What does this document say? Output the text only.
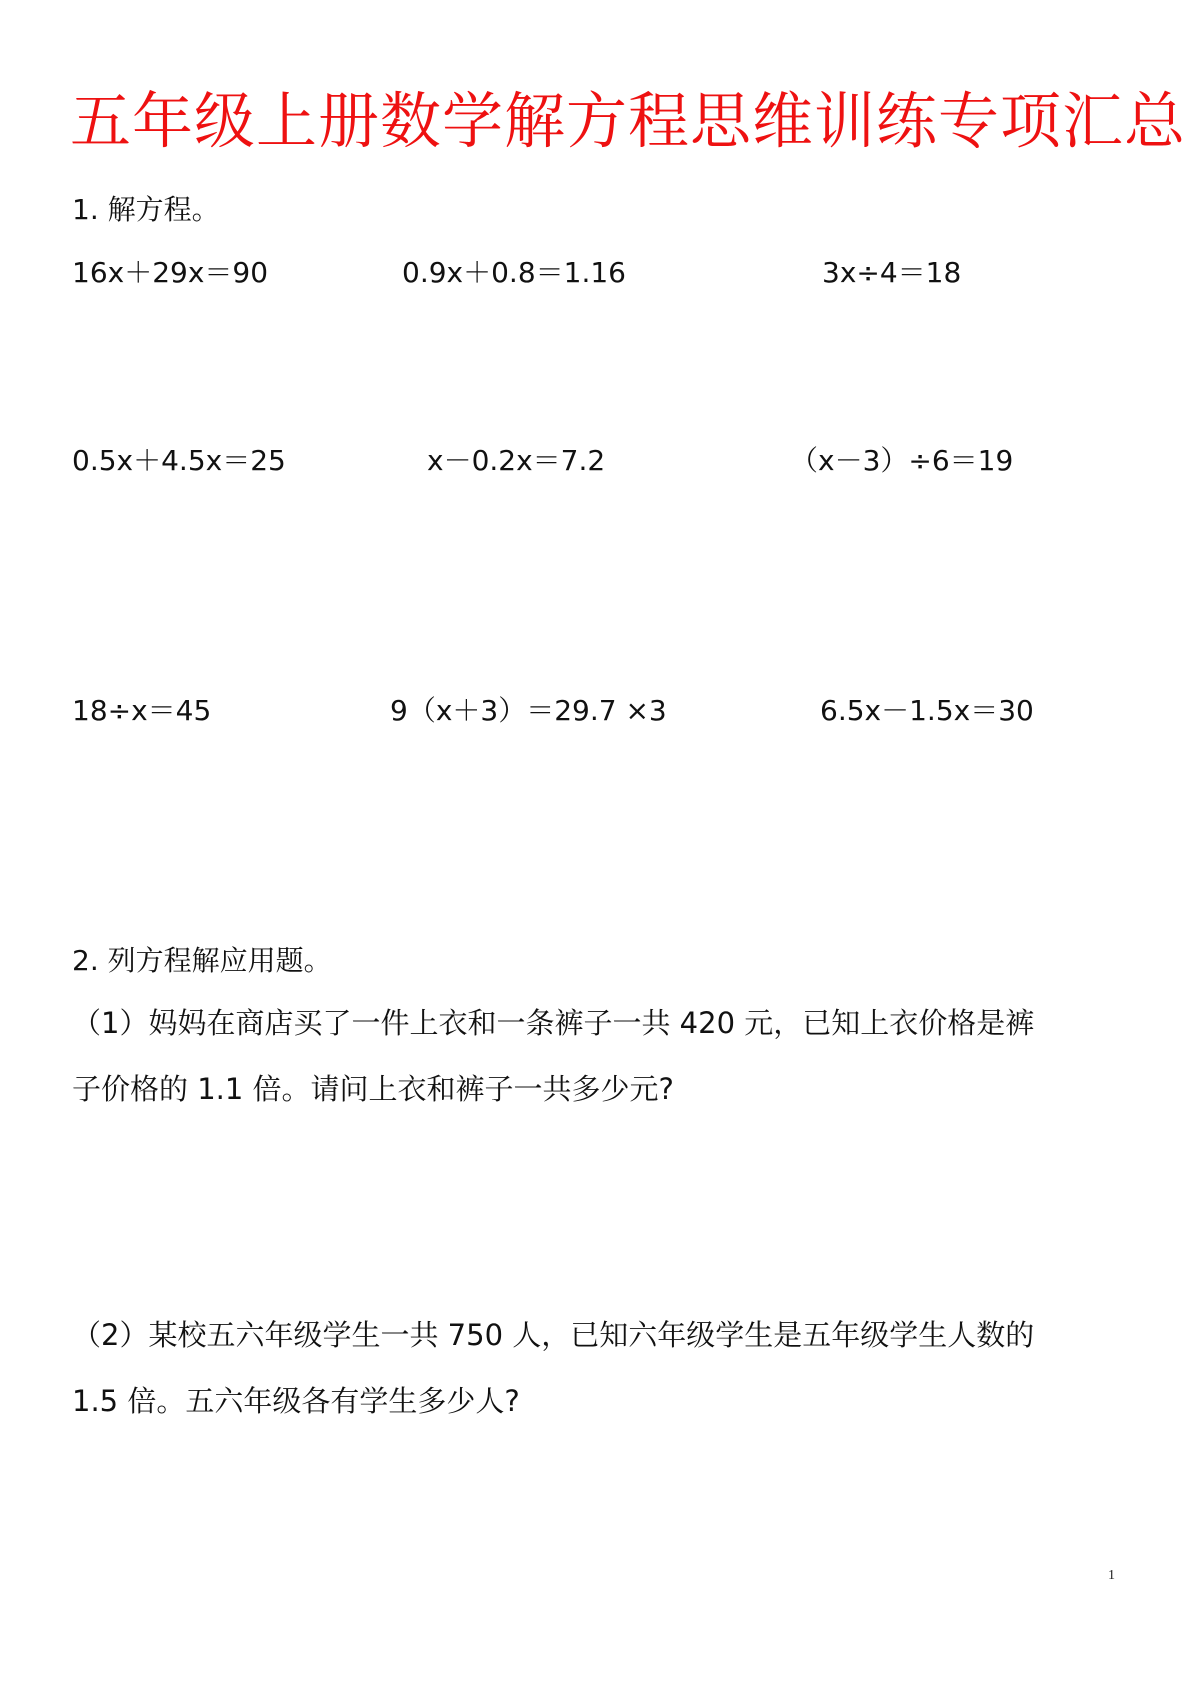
五年级上册数学解方程思维训练专项汇总
1. 解方程。
16x＋29x＝90	0.9x＋0.8＝1.16	3x÷4＝18
0.5x＋4.5x＝25	x－0.2x＝7.2	（x－3）÷6＝19
18÷x＝45	9（x＋3）＝29.7 ×3	6.5x－1.5x＝30
2. 列方程解应用题。
（1）妈妈在商店买了一件上衣和一条裤子一共 420 元，已知上衣价格是裤
子价格的 1.1 倍。请问上衣和裤子一共多少元?
（2）某校五六年级学生一共 750 人，已知六年级学生是五年级学生人数的
1.5 倍。五六年级各有学生多少人?
1
